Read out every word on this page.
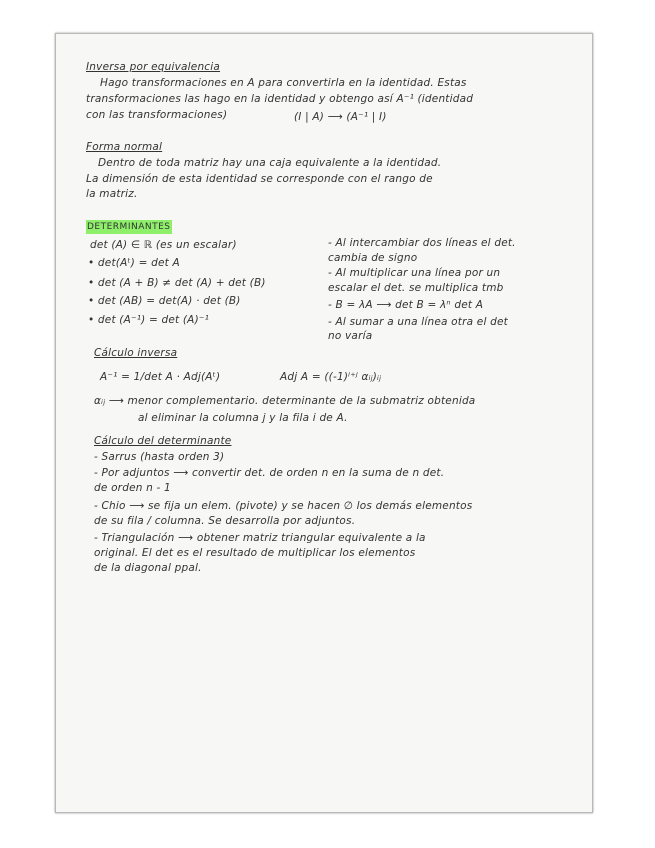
Inversa por equivalencia
Hago transformaciones en A para convertirla en la identidad. Estas
transformaciones las hago en la identidad y obtengo así A⁻¹ (identidad
con las transformaciones)	(I | A) ⟶ (A⁻¹ | I)
Forma normal
Dentro de toda matriz hay una caja equivalente a la identidad.
La dimensión de esta identidad se corresponde con el rango de
la matriz.
DETERMINANTES
det (A) ∈ ℝ (es un escalar)
• det(Aᵗ) = det A
• det (A + B) ≠ det (A) + det (B)
• det (AB) = det(A) · det (B)
• det (A⁻¹) = det (A)⁻¹
- Al intercambiar dos líneas el det.
cambia de signo
- Al multiplicar una línea por un
escalar el det. se multiplica tmb
- B = λA ⟶ det B = λⁿ det A
- Al sumar a una línea otra el det
no varía
Cálculo inversa
A⁻¹ = 1/det A · Adj(Aᵗ)	Adj A = ((-1)ⁱ⁺ʲ αᵢⱼ)ᵢⱼ
αᵢⱼ ⟶ menor complementario. determinante de la submatriz obtenida
al eliminar la columna j y la fila i de A.
Cálculo del determinante
- Sarrus (hasta orden 3)
- Por adjuntos ⟶ convertir det. de orden n en la suma de n det.
de orden n - 1
- Chio ⟶ se fija un elem. (pivote) y se hacen ∅ los demás elementos
de su fila / columna. Se desarrolla por adjuntos.
- Triangulación ⟶ obtener matriz triangular equivalente a la
original. El det es el resultado de multiplicar los elementos
de la diagonal ppal.
